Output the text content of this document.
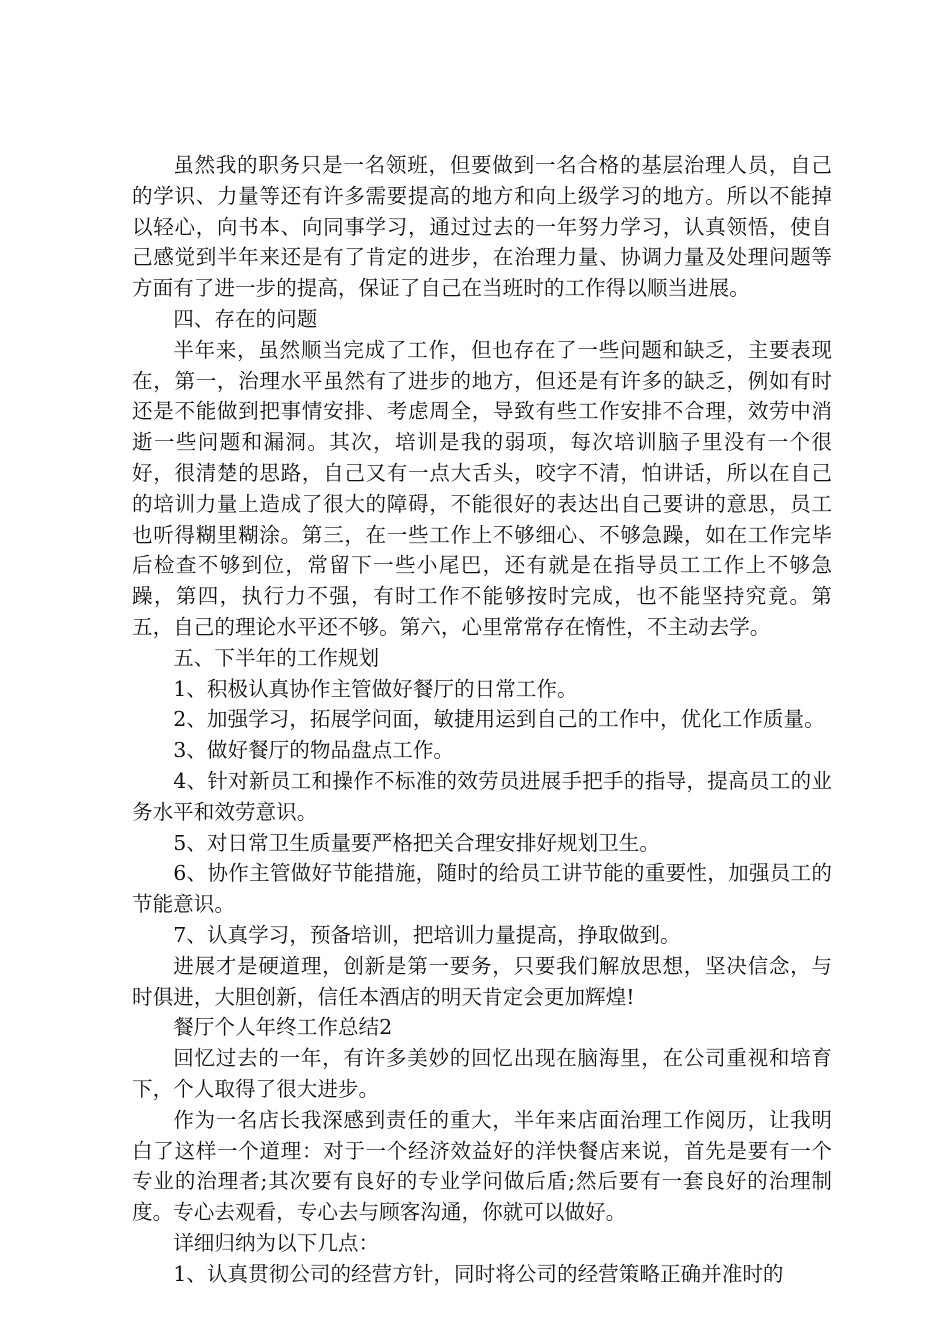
虽然我的职务只是一名领班，但要做到一名合格的基层治理人员，自己的学识、力量等还有许多需要提高的地方和向上级学习的地方。所以不能掉以轻心，向书本、向同事学习，通过过去的一年努力学习，认真领悟，使自己感觉到半年来还是有了肯定的进步，在治理力量、协调力量及处理问题等方面有了进一步的提高，保证了自己在当班时的工作得以顺当进展。

四、存在的问题

半年来，虽然顺当完成了工作，但也存在了一些问题和缺乏，主要表现在，第一，治理水平虽然有了进步的地方，但还是有许多的缺乏，例如有时还是不能做到把事情安排、考虑周全，导致有些工作安排不合理，效劳中消逝一些问题和漏洞。其次，培训是我的弱项，每次培训脑子里没有一个很好，很清楚的思路，自己又有一点大舌头，咬字不清，怕讲话，所以在自己的培训力量上造成了很大的障碍，不能很好的表达出自己要讲的意思，员工也听得糊里糊涂。第三，在一些工作上不够细心、不够急躁，如在工作完毕后检查不够到位，常留下一些小尾巴，还有就是在指导员工工作上不够急躁，第四，执行力不强，有时工作不能够按时完成，也不能坚持究竟。第五，自己的理论水平还不够。第六，心里常常存在惰性，不主动去学。

五、下半年的工作规划

1、积极认真协作主管做好餐厅的日常工作。

2、加强学习，拓展学问面，敏捷用运到自己的工作中，优化工作质量。

3、做好餐厅的物品盘点工作。

4、针对新员工和操作不标准的效劳员进展手把手的指导，提高员工的业务水平和效劳意识。

5、对日常卫生质量要严格把关合理安排好规划卫生。

6、协作主管做好节能措施，随时的给员工讲节能的重要性，加强员工的节能意识。

7、认真学习，预备培训，把培训力量提高，挣取做到。

进展才是硬道理，创新是第一要务，只要我们解放思想，坚决信念，与时俱进，大胆创新，信任本酒店的明天肯定会更加辉煌!

餐厅个人年终工作总结2

回忆过去的一年，有许多美妙的回忆出现在脑海里，在公司重视和培育下，个人取得了很大进步。

作为一名店长我深感到责任的重大，半年来店面治理工作阅历，让我明白了这样一个道理：对于一个经济效益好的洋快餐店来说，首先是要有一个专业的治理者;其次要有良好的专业学问做后盾;然后要有一套良好的治理制度。专心去观看，专心去与顾客沟通，你就可以做好。

详细归纳为以下几点：

1、认真贯彻公司的经营方针，同时将公司的经营策略正确并准时的
